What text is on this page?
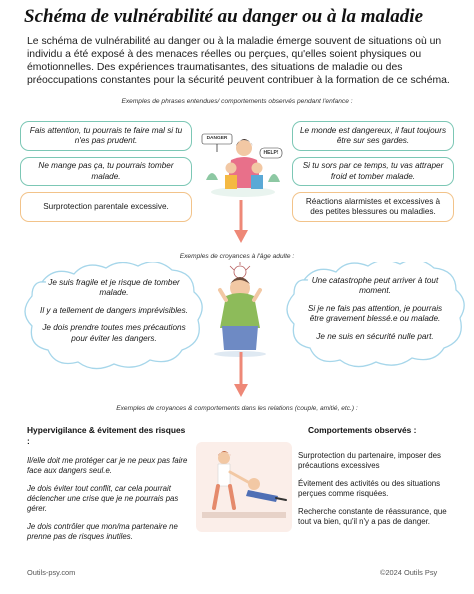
Schéma de vulnérabilité au danger ou à la maladie
Le schéma de vulnérabilité au danger ou à la maladie émerge souvent de situations où un individu a été exposé à des menaces réelles ou perçues, qu'elles soient physiques ou émotionnelles. Des expériences traumatisantes, des situations de maladie ou des préoccupations constantes pour la sécurité peuvent contribuer à la formation de ce schéma.
Exemples de phrases entendues/ comportements observés pendant l'enfance :
Fais attention, tu pourrais te faire mal si tu n'es pas prudent.
Ne mange pas ça, tu pourrais tomber malade.
Surprotection parentale excessive.
Le monde est dangereux, il faut toujours être sur ses gardes.
Si tu sors par ce temps, tu vas attraper froid et tomber malade.
Réactions alarmistes et excessives à des petites blessures ou maladies.
DANGER
HELP!
Exemples de croyances à l'âge adulte :

Je suis fragile et je risque de tomber malade.

Il y a tellement de dangers imprévisibles.

Je dois prendre toutes mes précautions pour éviter les dangers.

Une catastrophe peut arriver à tout moment.

Si je ne fais pas attention, je pourrais être gravement blessé.e ou malade.

Je ne suis en sécurité nulle part.

Exemples de croyances & comportements dans les relations (couple, amitié, etc.) :
Hypervigilance & évitement des risques :

Il/elle doit me protéger car je ne peux pas faire face aux dangers seul.e.

Je dois éviter tout conflit, car cela pourrait déclencher une crise que je ne pourrais pas gérer.

Je dois contrôler que mon/ma partenaire ne prenne pas de risques inutiles.

Comportements observés :

Surprotection du partenaire, imposer des précautions excessives

Évitement des activités ou des situations perçues comme risquées.

Recherche constante de réassurance, que tout va bien, qu'il n'y a pas de danger.

Outils-psy.com	©2024 Outils Psy
